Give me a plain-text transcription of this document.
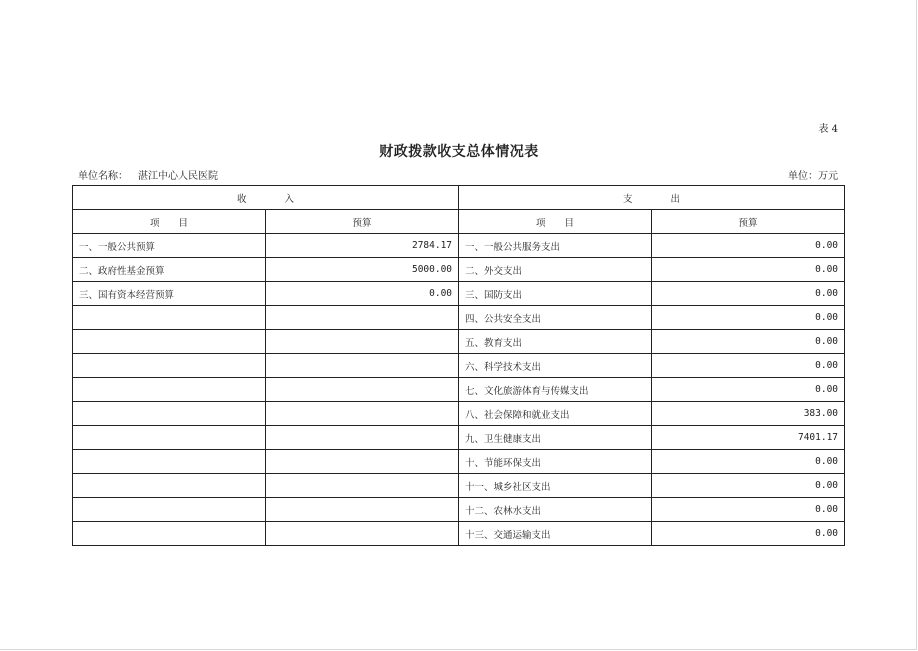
表 4
财政拨款收支总体情况表
单位名称： 湛江中心人民医院	单位：万元
收　　　　入		支　　　　出	
项　　目	预算	项　　目	预算
一、一般公共预算	2784.17	一、一般公共服务支出	0.00
二、政府性基金预算	5000.00	二、外交支出	0.00
三、国有资本经营预算	0.00	三、国防支出	0.00
		四、公共安全支出	0.00
		五、教育支出	0.00
		六、科学技术支出	0.00
		七、文化旅游体育与传媒支出	0.00
		八、社会保障和就业支出	383.00
		九、卫生健康支出	7401.17
		十、节能环保支出	0.00
		十一、城乡社区支出	0.00
		十二、农林水支出	0.00
		十三、交通运输支出	0.00
